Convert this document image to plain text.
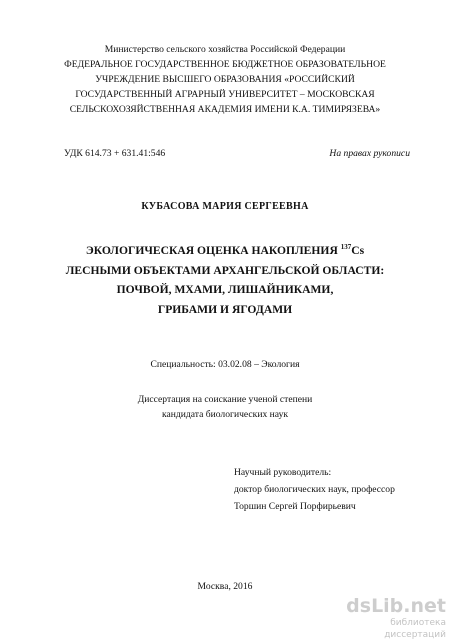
Министерство сельского хозяйства Российской Федерации
ФЕДЕРАЛЬНОЕ ГОСУДАРСТВЕННОЕ БЮДЖЕТНОЕ ОБРАЗОВАТЕЛЬНОЕ
УЧРЕЖДЕНИЕ ВЫСШЕГО ОБРАЗОВАНИЯ «РОССИЙСКИЙ
ГОСУДАРСТВЕННЫЙ АГРАРНЫЙ УНИВЕРСИТЕТ – МОСКОВСКАЯ
СЕЛЬСКОХОЗЯЙСТВЕННАЯ АКАДЕМИЯ ИМЕНИ К.А. ТИМИРЯЗЕВА»
УДК 614.73 + 631.41:546	На правах рукописи
КУБАСОВА МАРИЯ СЕРГЕЕВНА
ЭКОЛОГИЧЕСКАЯ ОЦЕНКА НАКОПЛЕНИЯ $^{137}$Cs
ЛЕСНЫМИ ОБЪЕКТАМИ АРХАНГЕЛЬСКОЙ ОБЛАСТИ:
ПОЧВОЙ, МХАМИ, ЛИШАЙНИКАМИ,
ГРИБАМИ И ЯГОДАМИ
Специальность: 03.02.08 – Экология
Диссертация на соискание ученой степени
кандидата биологических наук
Научный руководитель:
доктор биологических наук, профессор
Торшин Сергей Порфирьевич
Москва, 2016
dsLib.net
библиотека диссертаций
